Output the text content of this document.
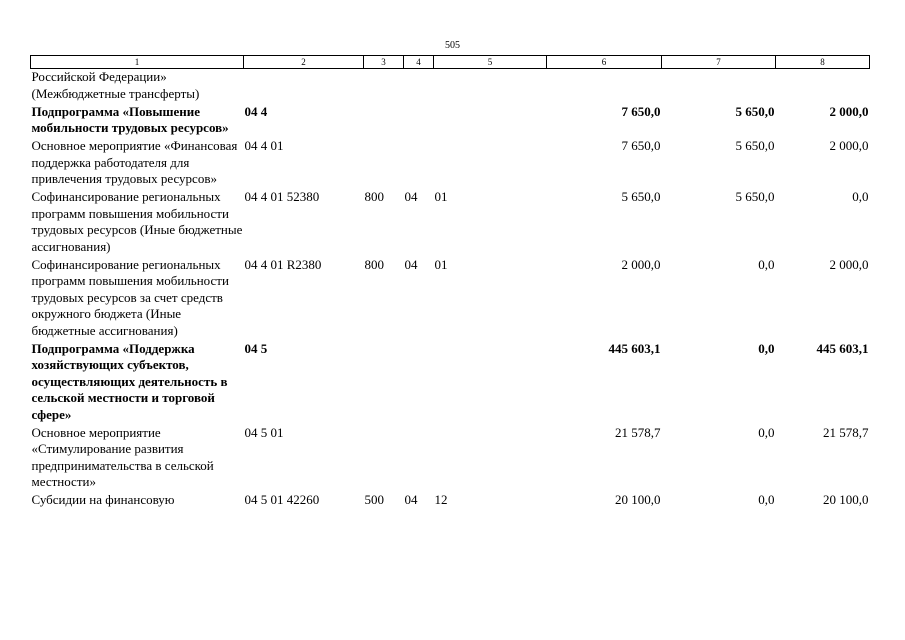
505
1	2	3	4	5	6	7	8
Российской Федерации» (Межбюджетные трансферты)							
Подпрограмма «Повышение мобильности трудовых ресурсов»	04 4				7 650,0	5 650,0	2 000,0
Основное мероприятие «Финансовая поддержка работодателя для привлечения трудовых ресурсов»	04 4 01				7 650,0	5 650,0	2 000,0
Софинансирование региональных программ повышения мобильности трудовых ресурсов (Иные бюджетные ассигнования)	04 4 01 52380	800	04	01	5 650,0	5 650,0	0,0
Софинансирование региональных программ повышения мобильности трудовых ресурсов за счет средств окружного бюджета (Иные бюджетные ассигнования)	04 4 01 R2380	800	04	01	2 000,0	0,0	2 000,0
Подпрограмма «Поддержка хозяйствующих субъектов, осуществляющих деятельность в сельской местности и торговой сфере»	04 5				445 603,1	0,0	445 603,1
Основное мероприятие «Стимулирование развития предпринимательства в сельской местности»	04 5 01				21 578,7	0,0	21 578,7
Субсидии на финансовую	04 5 01 42260	500	04	12	20 100,0	0,0	20 100,0
